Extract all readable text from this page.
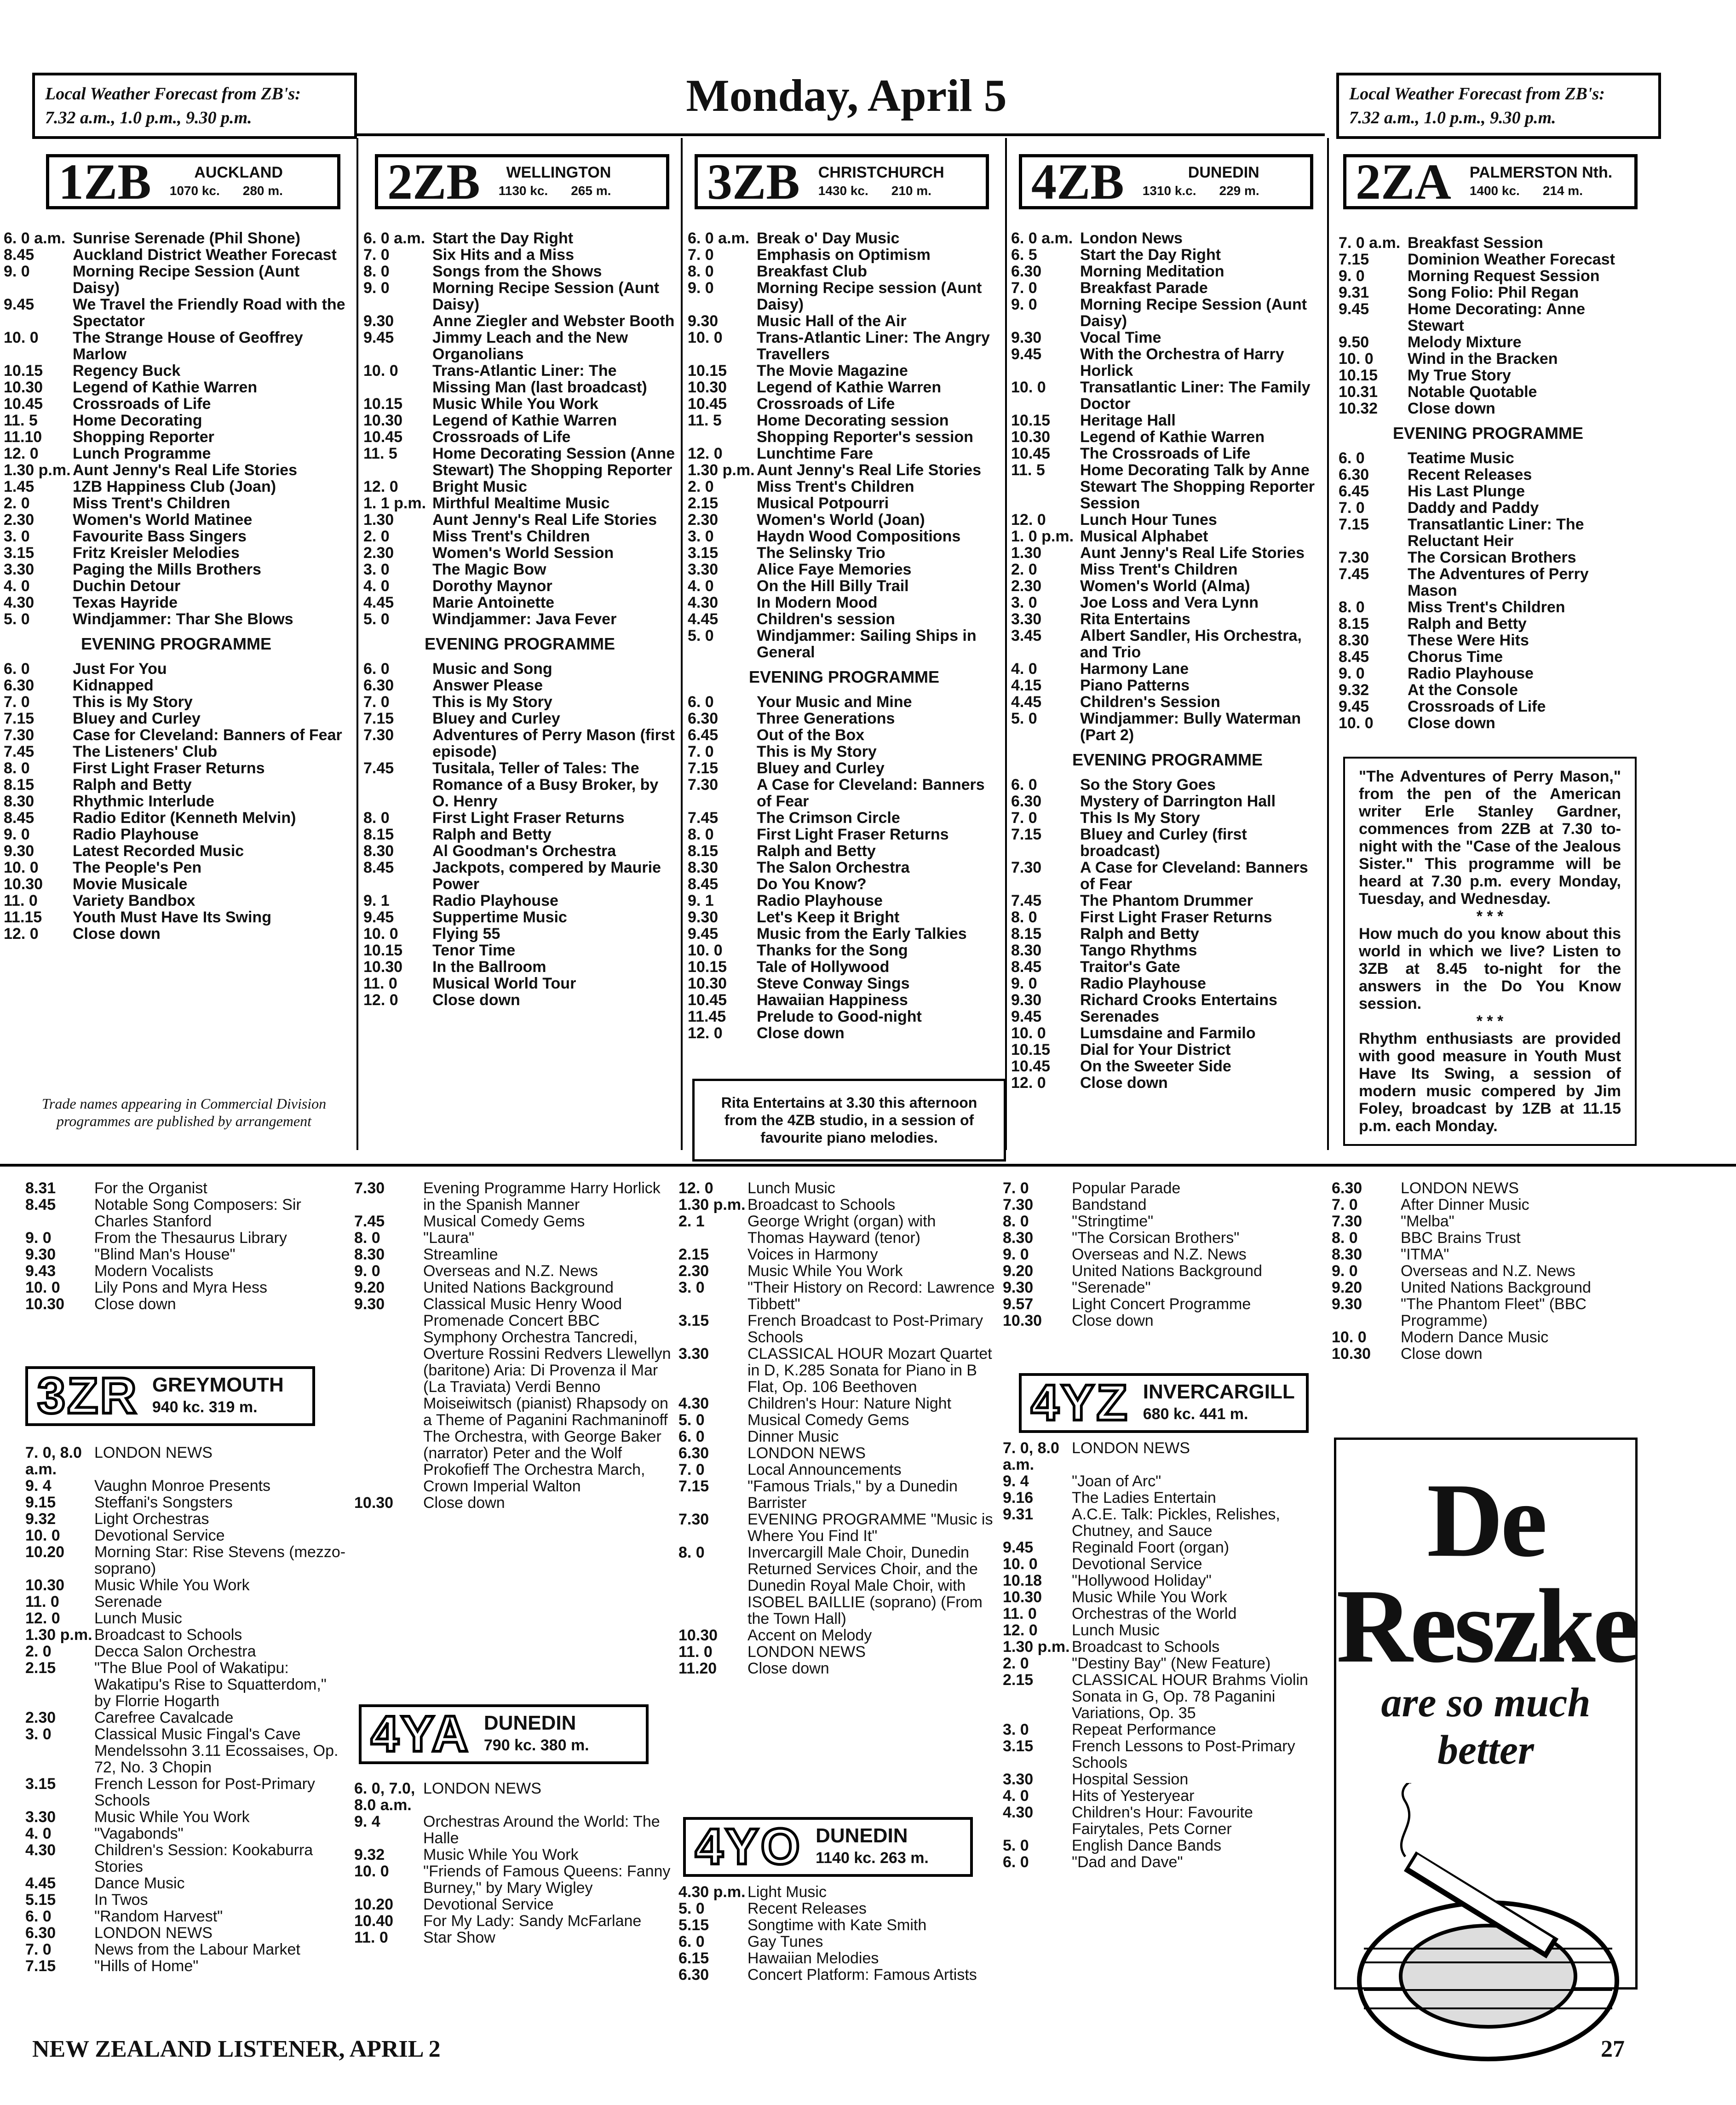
Local Weather Forecast from ZB's:
7.32 a.m., 1.0 p.m., 9.30 p.m.	Monday, April 5	Local Weather Forecast from ZB's:
7.32 a.m., 1.0 p.m., 9.30 p.m.
1ZB	AUCKLAND
1070 kc. 280 m. 2ZB	WELLINGTON
1130 kc. 265 m. 3ZB CHRISTCHURCH
1430 kc. 210 m. 4ZB	DUNEDIN
1310 k.c. 229 m. 2ZA PALMERSTON Nth.
1400 kc. 214 m.
6. 0 a.m. Sunrise Serenade (Phil Shone)
8.45	Auckland District Weather Forecast
9. 0	Morning Recipe Session (Aunt Daisy)
9.45	We Travel the Friendly Road with the Spectator
10. 0	The Strange House of Geoffrey Marlow
10.15	Regency Buck
10.30	Legend of Kathie Warren
10.45	Crossroads of Life
11. 5	Home Decorating
11.10	Shopping Reporter
12. 0	Lunch Programme
1.30 p.m. Aunt Jenny's Real Life Stories
1.45	1ZB Happiness Club (Joan)
2. 0	Miss Trent's Children
2.30	Women's World Matinee
3. 0	Favourite Bass Singers
3.15	Fritz Kreisler Melodies
3.30	Paging the Mills Brothers
4. 0	Duchin Detour
4.30	Texas Hayride
5. 0	Windjammer: Thar She Blows
EVENING PROGRAMME
6. 0	Just For You
6.30	Kidnapped
7. 0	This is My Story
7.15	Bluey and Curley
7.30	Case for Cleveland: Banners of Fear
7.45	The Listeners' Club
8. 0	First Light Fraser Returns
8.15	Ralph and Betty
8.30	Rhythmic Interlude
8.45	Radio Editor (Kenneth Melvin)
9. 0	Radio Playhouse
9.30	Latest Recorded Music
10. 0	The People's Pen
10.30	Movie Musicale
11. 0	Variety Bandbox
11.15	Youth Must Have Its Swing
12. 0	Close down
6. 0 a.m. Start the Day Right
7. 0	Six Hits and a Miss
8. 0	Songs from the Shows
9. 0	Morning Recipe Session (Aunt Daisy)
9.30	Anne Ziegler and Webster Booth
9.45	Jimmy Leach and the New Organolians
10. 0	Trans-Atlantic Liner: The Missing Man (last broadcast)
10.15	Music While You Work
10.30	Legend of Kathie Warren
10.45	Crossroads of Life
11. 5	Home Decorating Session (Anne Stewart) The Shopping Reporter
12. 0	Bright Music
1. 1 p.m. Mirthful Mealtime Music
1.30	Aunt Jenny's Real Life Stories
2. 0	Miss Trent's Children
2.30	Women's World Session
3. 0	The Magic Bow
4. 0	Dorothy Maynor
4.45	Marie Antoinette
5. 0	Windjammer: Java Fever
EVENING PROGRAMME
6. 0	Music and Song
6.30	Answer Please
7. 0	This is My Story
7.15	Bluey and Curley
7.30	Adventures of Perry Mason (first episode)
7.45	Tusitala, Teller of Tales: The Romance of a Busy Broker, by O. Henry
8. 0	First Light Fraser Returns
8.15	Ralph and Betty
8.30	Al Goodman's Orchestra
8.45	Jackpots, compered by Maurie Power
9. 1	Radio Playhouse
9.45	Suppertime Music
10. 0	Flying 55
10.15	Tenor Time
10.30	In the Ballroom
11. 0	Musical World Tour
12. 0	Close down
6. 0 a.m. Break o' Day Music
7. 0	Emphasis on Optimism
8. 0	Breakfast Club
9. 0	Morning Recipe session (Aunt Daisy)
9.30	Music Hall of the Air
10. 0	Trans-Atlantic Liner: The Angry Travellers
10.15	The Movie Magazine
10.30	Legend of Kathie Warren
10.45	Crossroads of Life
11. 5	Home Decorating session Shopping Reporter's session
12. 0	Lunchtime Fare
1.30 p.m. Aunt Jenny's Real Life Stories
2. 0	Miss Trent's Children
2.15	Musical Potpourri
2.30	Women's World (Joan)
3. 0	Haydn Wood Compositions
3.15	The Selinsky Trio
3.30	Alice Faye Memories
4. 0	On the Hill Billy Trail
4.30	In Modern Mood
4.45	Children's session
5. 0	Windjammer: Sailing Ships in General
EVENING PROGRAMME
6. 0	Your Music and Mine
6.30	Three Generations
6.45	Out of the Box
7. 0	This is My Story
7.15	Bluey and Curley
7.30	A Case for Cleveland: Banners of Fear
7.45	The Crimson Circle
8. 0	First Light Fraser Returns
8.15	Ralph and Betty
8.30	The Salon Orchestra
8.45	Do You Know?
9. 1	Radio Playhouse
9.30	Let's Keep it Bright
9.45	Music from the Early Talkies
10. 0	Thanks for the Song
10.15	Tale of Hollywood
10.30	Steve Conway Sings
10.45	Hawaiian Happiness
11.45	Prelude to Good-night
12. 0	Close down
6. 0 a.m. London News
6. 5	Start the Day Right
6.30	Morning Meditation
7. 0	Breakfast Parade
9. 0	Morning Recipe Session (Aunt Daisy)
9.30	Vocal Time
9.45	With the Orchestra of Harry Horlick
10. 0	Transatlantic Liner: The Family Doctor
10.15	Heritage Hall
10.30	Legend of Kathie Warren
10.45	The Crossroads of Life
11. 5	Home Decorating Talk by Anne Stewart The Shopping Reporter Session
12. 0	Lunch Hour Tunes
1. 0 p.m. Musical Alphabet
1.30	Aunt Jenny's Real Life Stories
2. 0	Miss Trent's Children
2.30	Women's World (Alma)
3. 0	Joe Loss and Vera Lynn
3.30	Rita Entertains
3.45	Albert Sandler, His Orchestra, and Trio
4. 0	Harmony Lane
4.15	Piano Patterns
4.45	Children's Session
5. 0	Windjammer: Bully Waterman (Part 2)
EVENING PROGRAMME
6. 0	So the Story Goes
6.30	Mystery of Darrington Hall
7. 0	This Is My Story
7.15	Bluey and Curley (first broadcast)
7.30	A Case for Cleveland: Banners of Fear
7.45	The Phantom Drummer
8. 0	First Light Fraser Returns
8.15	Ralph and Betty
8.30	Tango Rhythms
8.45	Traitor's Gate
9. 0	Radio Playhouse
9.30	Richard Crooks Entertains
9.45	Serenades
10. 0	Lumsdaine and Farmilo
10.15	Dial for Your District
10.45	On the Sweeter Side
12. 0	Close down
7. 0 a.m. Breakfast Session
7.15	Dominion Weather Forecast
9. 0	Morning Request Session
9.31	Song Folio: Phil Regan
9.45	Home Decorating: Anne Stewart
9.50	Melody Mixture
10. 0	Wind in the Bracken
10.15	My True Story
10.31	Notable Quotable
10.32	Close down
EVENING PROGRAMME
6. 0	Teatime Music
6.30	Recent Releases
6.45	His Last Plunge
7. 0	Daddy and Paddy
7.15	Transatlantic Liner: The Reluctant Heir
7.30	The Corsican Brothers
7.45	The Adventures of Perry Mason
8. 0	Miss Trent's Children
8.15	Ralph and Betty
8.30	These Were Hits
8.45	Chorus Time
9. 0	Radio Playhouse
9.32	At the Console
9.45	Crossroads of Life
10. 0	Close down
Trade names appearing in Commercial Division programmes are published by arrangement
Rita Entertains at 3.30 this afternoon from the 4ZB studio, in a session of favourite piano melodies.
"The Adventures of Perry Mason," from the pen of the American writer Erle Stanley Gardner, commences from 2ZB at 7.30 to-night with the "Case of the Jealous Sister." This programme will be heard at 7.30 p.m. every Monday, Tuesday, and Wednesday.
* * *
How much do you know about this world in which we live? Listen to 3ZB at 8.45 to-night for the answers in the Do You Know session.
* * *
Rhythm enthusiasts are provided with good measure in Youth Must Have Its Swing, a session of modern music compered by Jim Foley, broadcast by 1ZB at 11.15 p.m. each Monday.
8.31	For the Organist
8.45	Notable Song Composers: Sir Charles Stanford
9. 0	From the Thesaurus Library
9.30	"Blind Man's House"
9.43	Modern Vocalists
10. 0	Lily Pons and Myra Hess
10.30	Close down
3ZR GREYMOUTH
940 kc. 319 m.
7. 0, 8.0 a.m.
LONDON NEWS
9. 4	Vaughn Monroe Presents
9.15	Steffani's Songsters
9.32	Light Orchestras
10. 0	Devotional Service
10.20	Morning Star: Rise Stevens (mezzo-soprano)
10.30	Music While You Work
11. 0	Serenade
12. 0	Lunch Music
1.30 p.m. Broadcast to Schools
2. 0	Decca Salon Orchestra
2.15	"The Blue Pool of Wakatipu: Wakatipu's Rise to Squatterdom," by Florrie Hogarth
2.30	Carefree Cavalcade
3. 0	Classical Music Fingal's Cave Mendelssohn 3.11 Ecossaises, Op. 72, No. 3 Chopin
3.15	French Lesson for Post-Primary Schools
3.30	Music While You Work
4. 0	"Vagabonds"
4.30	Children's Session: Kookaburra Stories
4.45	Dance Music
5.15	In Twos
6. 0	"Random Harvest"
6.30	LONDON NEWS
7. 0	News from the Labour Market
7.15	"Hills of Home"
7.30	Evening Programme Harry Horlick in the Spanish Manner
7.45	Musical Comedy Gems
8. 0	"Laura"
8.30	Streamline
9. 0	Overseas and N.Z. News
9.20	United Nations Background
9.30	Classical Music Henry Wood Promenade Concert BBC Symphony Orchestra Tancredi, Overture Rossini Redvers Llewellyn (baritone) Aria: Di Provenza il Mar (La Traviata) Verdi Benno Moiseiwitsch (pianist) Rhapsody on a Theme of Paganini Rachmaninoff The Orchestra, with George Baker (narrator) Peter and the Wolf Prokofieff The Orchestra March, Crown Imperial Walton
10.30	Close down
4YA DUNEDIN
790 kc. 380 m.
6. 0, 7.0, 8.0 a.m.
LONDON NEWS
9. 4	Orchestras Around the World: The Halle
9.32	Music While You Work
10. 0	"Friends of Famous Queens: Fanny Burney," by Mary Wigley
10.20	Devotional Service
10.40	For My Lady: Sandy McFarlane
11. 0	Star Show
12. 0	Lunch Music
1.30 p.m. Broadcast to Schools
2. 1	George Wright (organ) with Thomas Hayward (tenor)
2.15	Voices in Harmony
2.30	Music While You Work
3. 0	"Their History on Record: Lawrence Tibbett"
3.15	French Broadcast to Post-Primary Schools
3.30	CLASSICAL HOUR Mozart Quartet in D, K.285 Sonata for Piano in B Flat, Op. 106 Beethoven
4.30	Children's Hour: Nature Night
5. 0	Musical Comedy Gems
6. 0	Dinner Music
6.30	LONDON NEWS
7. 0	Local Announcements
7.15	"Famous Trials," by a Dunedin Barrister
7.30	EVENING PROGRAMME "Music is Where You Find It"
8. 0	Invercargill Male Choir, Dunedin Returned Services Choir, and the Dunedin Royal Male Choir, with ISOBEL BAILLIE (soprano) (From the Town Hall)
10.30	Accent on Melody
11. 0	LONDON NEWS
11.20	Close down
4YO DUNEDIN
1140 kc. 263 m.
4.30 p.m. Light Music
5. 0	Recent Releases
5.15	Songtime with Kate Smith
6. 0	Gay Tunes
6.15	Hawaiian Melodies
6.30	Concert Platform: Famous Artists
7. 0	Popular Parade
7.30	Bandstand
8. 0	"Stringtime"
8.30	"The Corsican Brothers"
9. 0	Overseas and N.Z. News
9.20	United Nations Background
9.30	"Serenade"
9.57	Light Concert Programme
10.30	Close down
4YZ INVERCARGILL
680 kc. 441 m.
7. 0, 8.0 a.m.
LONDON NEWS
9. 4	"Joan of Arc"
9.16	The Ladies Entertain
9.31	A.C.E. Talk: Pickles, Relishes, Chutney, and Sauce
9.45	Reginald Foort (organ)
10. 0	Devotional Service
10.18	"Hollywood Holiday"
10.30	Music While You Work
11. 0	Orchestras of the World
12. 0	Lunch Music
1.30 p.m. Broadcast to Schools
2. 0	"Destiny Bay" (New Feature)
2.15	CLASSICAL HOUR Brahms Violin Sonata in G, Op. 78 Paganini Variations, Op. 35
3. 0	Repeat Performance
3.15	French Lessons to Post-Primary Schools
3.30	Hospital Session
4. 0	Hits of Yesteryear
4.30	Children's Hour: Favourite Fairytales, Pets Corner
5. 0	English Dance Bands
6. 0	"Dad and Dave"
6.30	LONDON NEWS
7. 0	After Dinner Music
7.30	"Melba"
8. 0	BBC Brains Trust
8.30	"ITMA"
9. 0	Overseas and N.Z. News
9.20	United Nations Background
9.30	"The Phantom Fleet" (BBC Programme)
10. 0	Modern Dance Music
10.30	Close down
De Reszke
are so much better
NEW ZEALAND LISTENER, APRIL 2	27
